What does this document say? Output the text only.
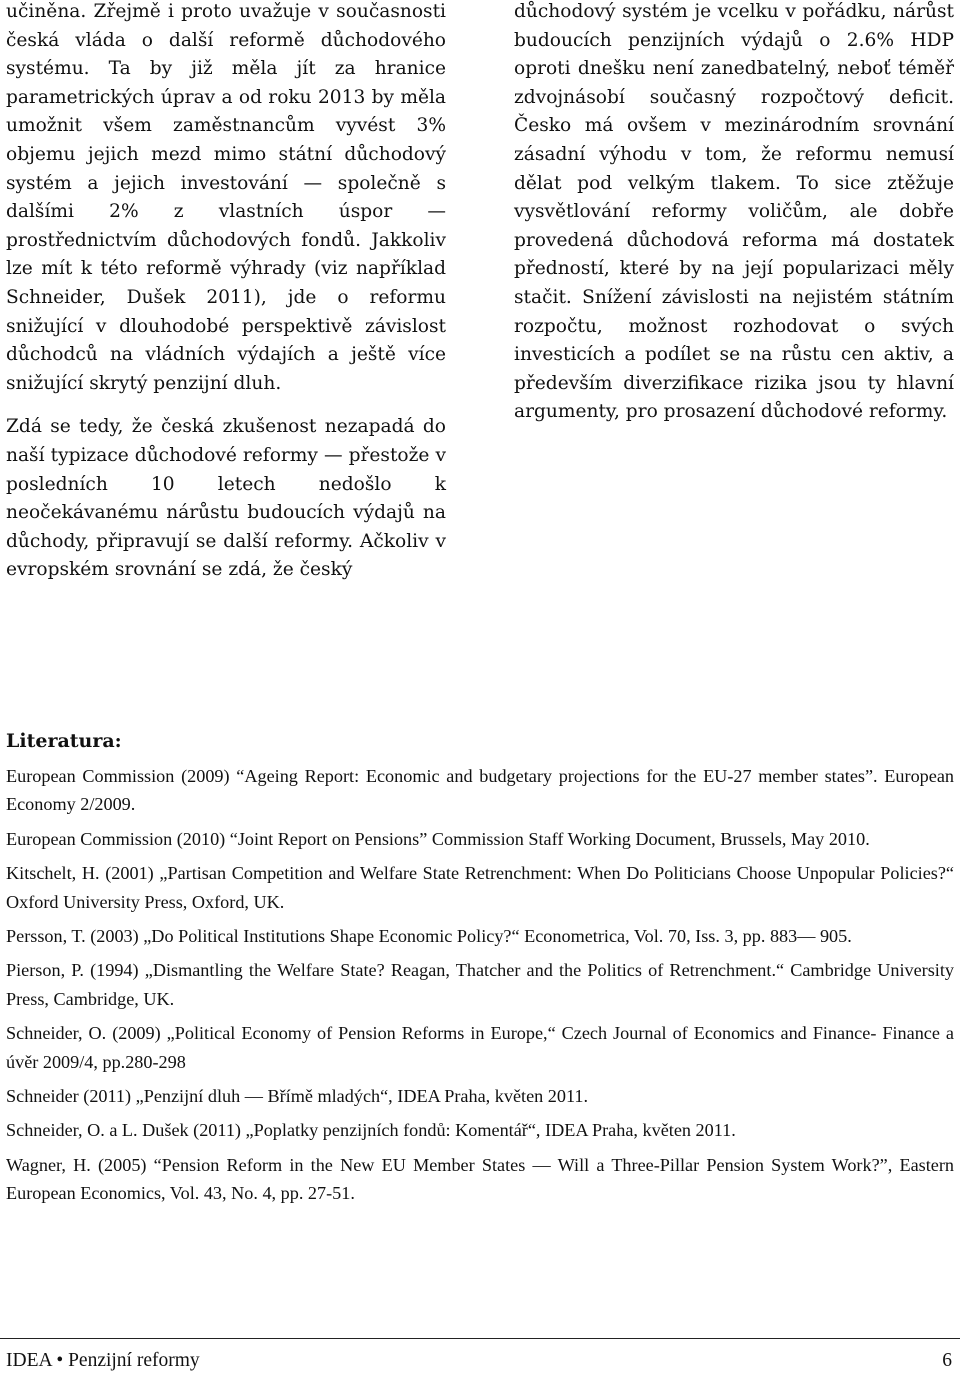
učiněna. Zřejmě i proto uvažuje v současnosti česká vláda o další reformě důchodového systému. Ta by již měla jít za hranice parametrických úprav a od roku 2013 by měla umožnit všem zaměstnancům vyvést 3% objemu jejich mezd mimo státní důchodový systém a jejich investování — společně s dalšími 2% z vlastních úspor — prostřednictvím důchodových fondů. Jakkoliv lze mít k této reformě výhrady (viz například Schneider, Dušek 2011), jde o reformu snižující v dlouhodobé perspektivě závislost důchodců na vládních výdajích a ještě více snižující skrytý penzijní dluh.

Zdá se tedy, že česká zkušenost nezapadá do naší typizace důchodové reformy — přestože v posledních 10 letech nedošlo k neočekávanému nárůstu budoucích výdajů na důchody, připravují se další reformy. Ačkoliv v evropském srovnání se zdá, že český

důchodový systém je vcelku v pořádku, nárůst budoucích penzijních výdajů o 2.6% HDP oproti dnešku není zanedbatelný, neboť téměř zdvojnásobí současný rozpočtový deficit. Česko má ovšem v mezinárodním srovnání zásadní výhodu v tom, že reformu nemusí dělat pod velkým tlakem. To sice ztěžuje vysvětlování reformy voličům, ale dobře provedená důchodová reforma má dostatek předností, které by na její popularizaci měly stačit. Snížení závislosti na nejistém státním rozpočtu, možnost rozhodovat o svých investicích a podílet se na růstu cen aktiv, a především diverzifikace rizika jsou ty hlavní argumenty, pro prosazení důchodové reformy.

Literatura:

European Commission (2009) “Ageing Report: Economic and budgetary projections for the EU-27 member states”. European Economy 2/2009.

European Commission (2010) “Joint Report on Pensions” Commission Staff Working Document, Brussels, May 2010.

Kitschelt, H. (2001) „Partisan Competition and Welfare State Retrenchment: When Do Politicians Choose Unpopular Policies?“ Oxford University Press, Oxford, UK.

Persson, T. (2003) „Do Political Institutions Shape Economic Policy?“ Econometrica, Vol. 70, Iss. 3, pp. 883— 905.

Pierson, P. (1994) „Dismantling the Welfare State? Reagan, Thatcher and the Politics of Retrenchment.“ Cambridge University Press, Cambridge, UK.

Schneider, O. (2009) „Political Economy of Pension Reforms in Europe,“ Czech Journal of Economics and Finance- Finance a úvěr 2009/4, pp.280-298

Schneider (2011) „Penzijní dluh — Břímě mladých“, IDEA Praha, květen 2011.

Schneider, O. a L. Dušek (2011) „Poplatky penzijních fondů: Komentář“, IDEA Praha, květen 2011.

Wagner, H. (2005) “Pension Reform in the New EU Member States — Will a Three-Pillar Pension System Work?”, Eastern European Economics, Vol. 43, No. 4, pp. 27-51.

IDEA • Penzijní reformy	6
